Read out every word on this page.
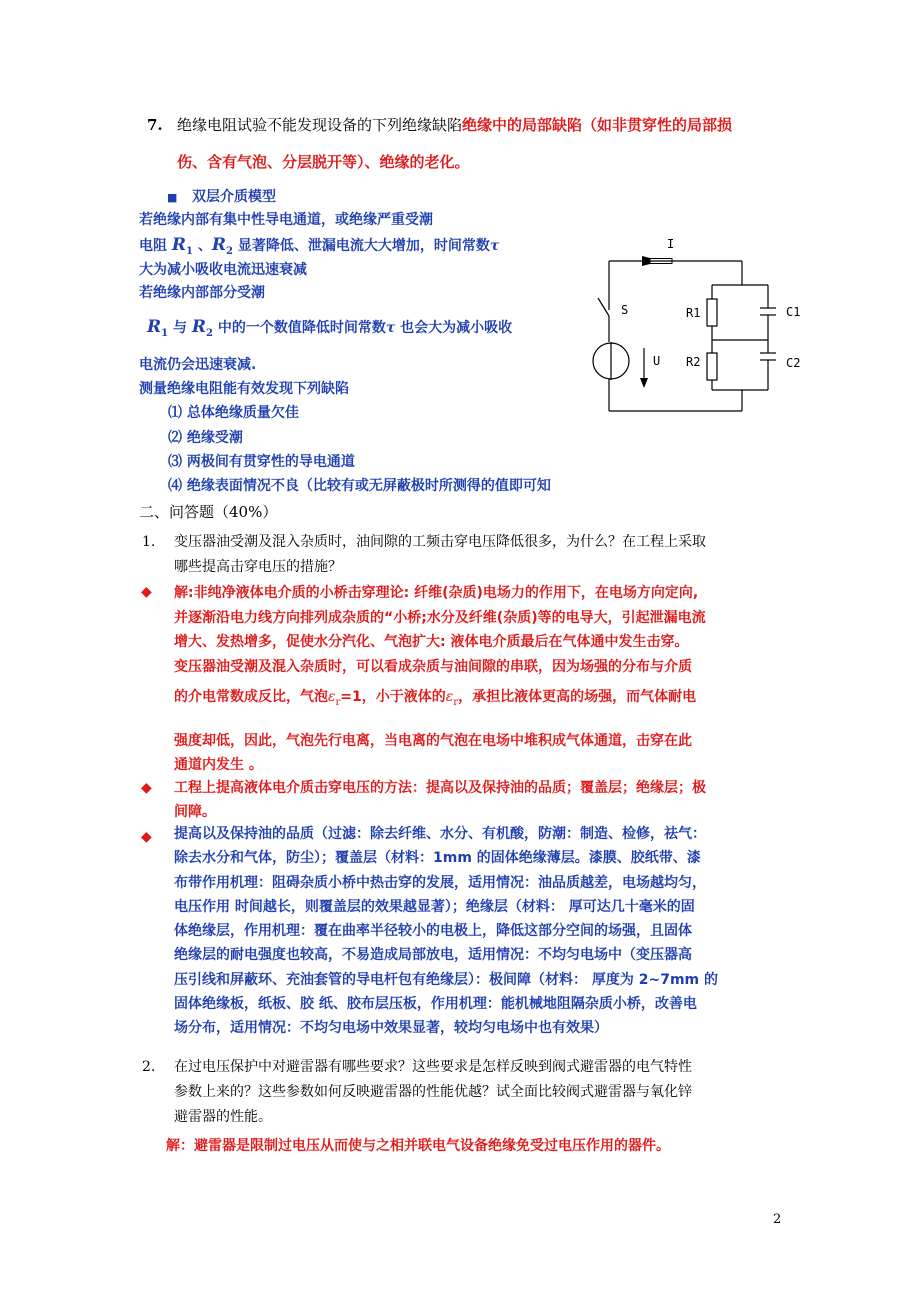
7. 绝缘电阻试验不能发现设备的下列绝缘缺陷绝缘中的局部缺陷（如非贯穿性的局部损
伤、含有气泡、分层脱开等）、绝缘的老化。
■ 双层介质模型
若绝缘内部有集中性导电通道，或绝缘严重受潮
电阻 $R_1$ 、$R_2$ 显著降低、泄漏电流大大增加，时间常数τ
大为减小吸收电流迅速衰减
若绝缘内部部分受潮
$R_1$ 与 $R_2$ 中的一个数值降低时间常数τ 也会大为减小吸收
电流仍会迅速衰减.
测量绝缘电阻能有效发现下列缺陷
⑴ 总体绝缘质量欠佳
⑵ 绝缘受潮
⑶ 两极间有贯穿性的导电通道
⑷ 绝缘表面情况不良（比较有或无屏蔽极时所测得的值即可知
I
S
U
R1
R2
C1
C2
二、问答题（40%）
1. 变压器油受潮及混入杂质时，油间隙的工频击穿电压降低很多，为什么？在工程上采取
哪些提高击穿电压的措施？
◆ 解:非纯净液体电介质的小桥击穿理论: 纤维(杂质)电场力的作用下，在电场方向定向,
并逐渐沿电力线方向排列成杂质的“小桥;水分及纤维(杂质)等的电导大，引起泄漏电流
增大、发热增多，促使水分汽化、气泡扩大: 液体电介质最后在气体通中发生击穿。
变压器油受潮及混入杂质时，可以看成杂质与油间隙的串联，因为场强的分布与介质
的介电常数成反比，气泡$\varepsilon_r=1$，小于液体的$\varepsilon_r$，承担比液体更高的场强，而气体耐电
强度却低，因此，气泡先行电离，当电离的气泡在电场中堆积成气体通道，击穿在此
通道内发生 。
◆ 工程上提高液体电介质击穿电压的方法：提高以及保持油的品质；覆盖层；绝缘层；极
间障。
◆ 提高以及保持油的品质（过滤：除去纤维、水分、有机酸，防潮：制造、检修，祛气：
除去水分和气体，防尘）；覆盖层（材料：1mm 的固体绝缘薄层。漆膜、胶纸带、漆
布带作用机理：阻碍杂质小桥中热击穿的发展，适用情况：油品质越差，电场越均匀，
电压作用 时间越长，则覆盖层的效果越显著）；绝缘层（材料： 厚可达几十毫米的固
体绝缘层，作用机理：覆在曲率半径较小的电极上，降低这部分空间的场强，且固体
绝缘层的耐电强度也较高，不易造成局部放电，适用情况：不均匀电场中（变压器高
压引线和屏蔽环、充油套管的导电杆包有绝缘层）：极间障（材料： 厚度为 2~7mm 的
固体绝缘板，纸板、胶 纸、胶布层压板，作用机理：能机械地阻隔杂质小桥，改善电
场分布，适用情况：不均匀电场中效果显著，较均匀电场中也有效果）
2. 在过电压保护中对避雷器有哪些要求？这些要求是怎样反映到阀式避雷器的电气特性
参数上来的？这些参数如何反映避雷器的性能优越？试全面比较阀式避雷器与氧化锌
避雷器的性能。
解：避雷器是限制过电压从而使与之相并联电气设备绝缘免受过电压作用的器件。
2
